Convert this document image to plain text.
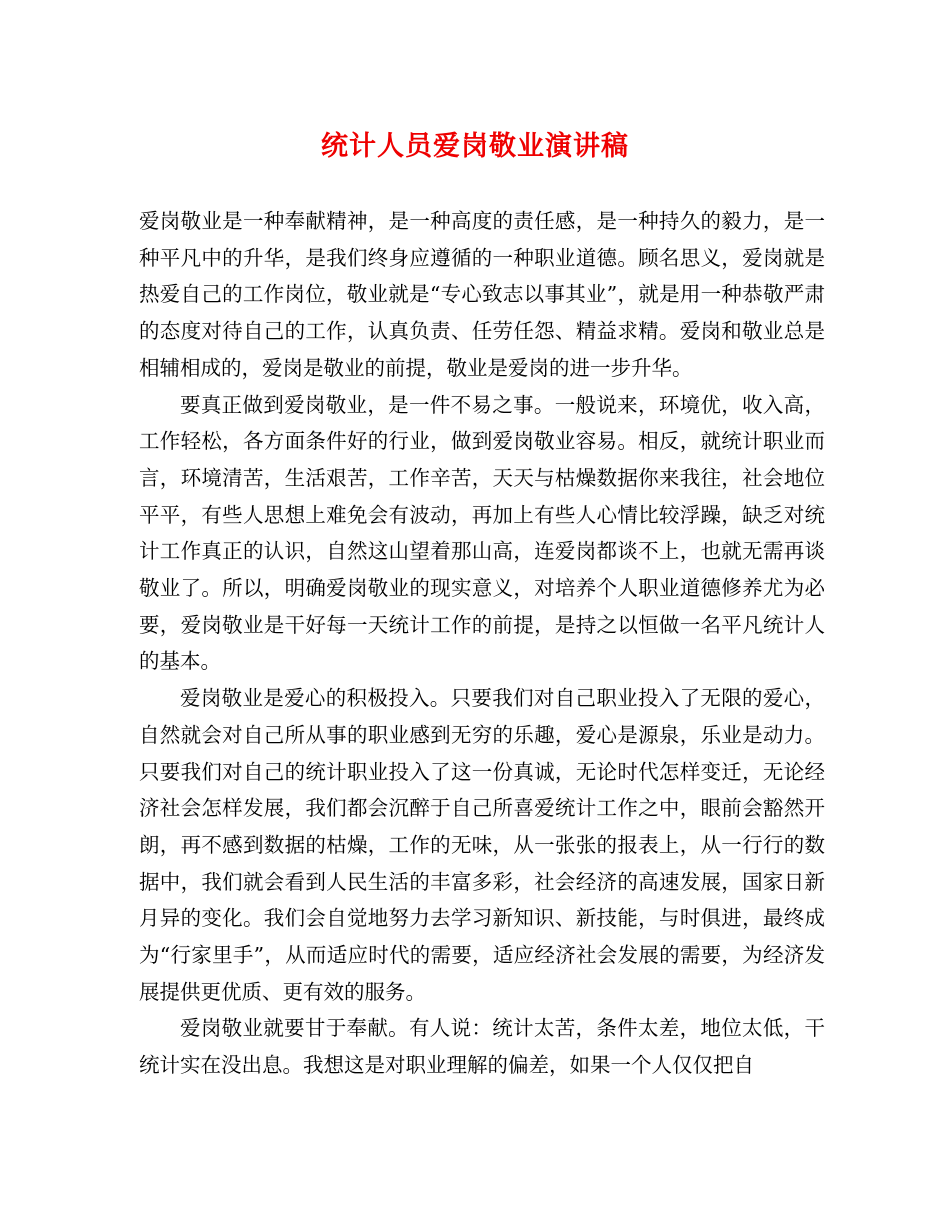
统计人员爱岗敬业演讲稿

爱岗敬业是一种奉献精神，是一种高度的责任感，是一种持久的毅力，是一种平凡中的升华，是我们终身应遵循的一种职业道德。顾名思义，爱岗就是热爱自己的工作岗位，敬业就是“专心致志以事其业”，就是用一种恭敬严肃的态度对待自己的工作，认真负责、任劳任怨、精益求精。爱岗和敬业总是相辅相成的，爱岗是敬业的前提，敬业是爱岗的进一步升华。

要真正做到爱岗敬业，是一件不易之事。一般说来，环境优，收入高，工作轻松，各方面条件好的行业，做到爱岗敬业容易。相反，就统计职业而言，环境清苦，生活艰苦，工作辛苦，天天与枯燥数据你来我往，社会地位平平，有些人思想上难免会有波动，再加上有些人心情比较浮躁，缺乏对统计工作真正的认识，自然这山望着那山高，连爱岗都谈不上，也就无需再谈敬业了。所以，明确爱岗敬业的现实意义，对培养个人职业道德修养尤为必要，爱岗敬业是干好每一天统计工作的前提，是持之以恒做一名平凡统计人的基本。

爱岗敬业是爱心的积极投入。只要我们对自己职业投入了无限的爱心，自然就会对自己所从事的职业感到无穷的乐趣，爱心是源泉，乐业是动力。只要我们对自己的统计职业投入了这一份真诚，无论时代怎样变迁，无论经济社会怎样发展，我们都会沉醉于自己所喜爱统计工作之中，眼前会豁然开朗，再不感到数据的枯燥，工作的无味，从一张张的报表上，从一行行的数据中，我们就会看到人民生活的丰富多彩，社会经济的高速发展，国家日新月异的变化。我们会自觉地努力去学习新知识、新技能，与时俱进，最终成为“行家里手”，从而适应时代的需要，适应经济社会发展的需要，为经济发展提供更优质、更有效的服务。

爱岗敬业就要甘于奉献。有人说：统计太苦，条件太差，地位太低，干统计实在没出息。我想这是对职业理解的偏差，如果一个人仅仅把自
